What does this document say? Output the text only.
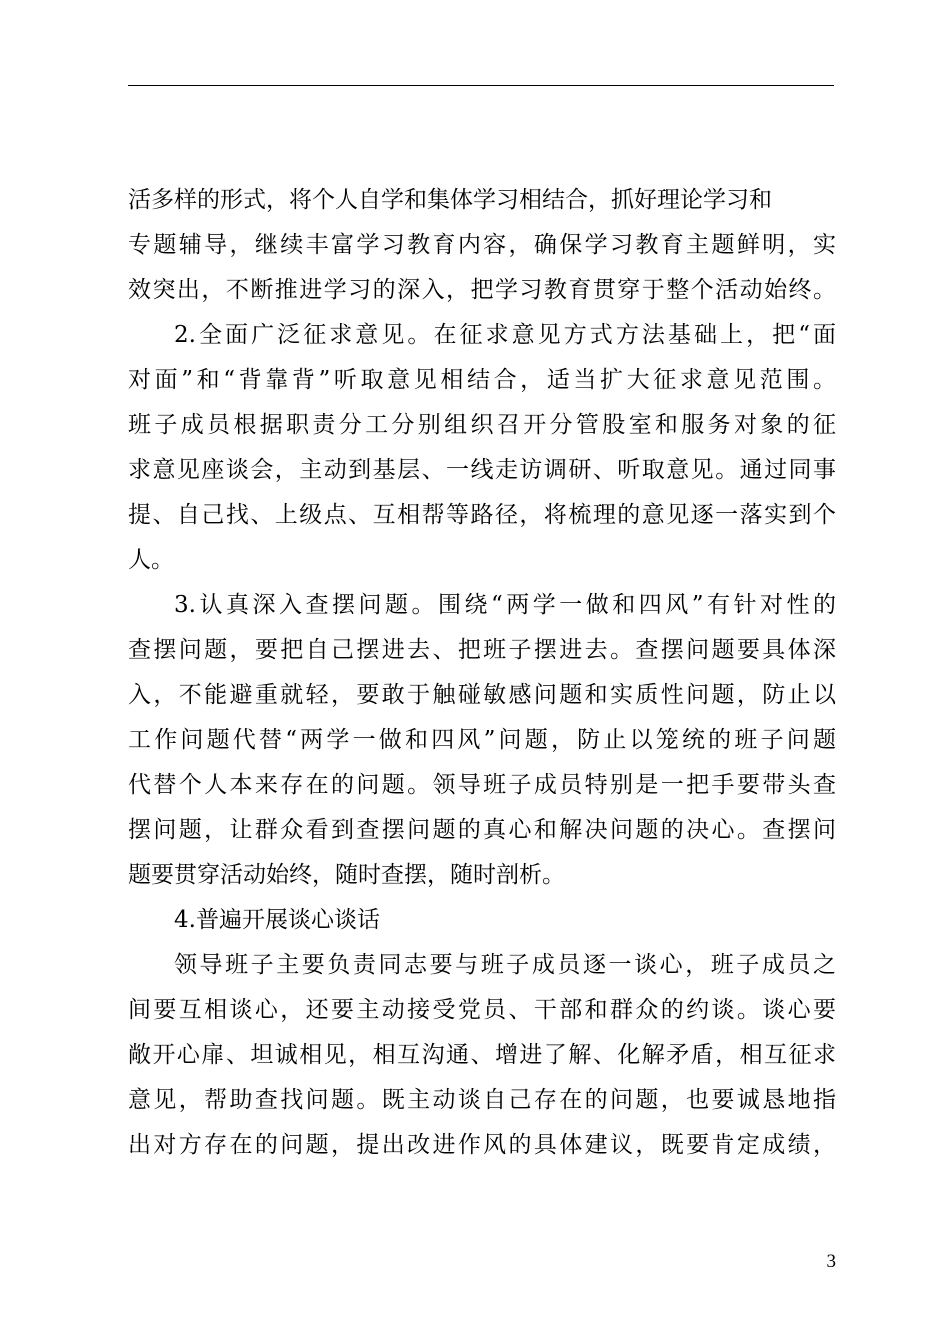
活多样的形式，将个人自学和集体学习相结合，抓好理论学习和
专题辅导，继续丰富学习教育内容，确保学习教育主题鲜明，实
效突出，不断推进学习的深入，把学习教育贯穿于整个活动始终。
2.全面广泛征求意见。在征求意见方式方法基础上，把“面
对面”和“背靠背”听取意见相结合，适当扩大征求意见范围。
班子成员根据职责分工分别组织召开分管股室和服务对象的征
求意见座谈会，主动到基层、一线走访调研、听取意见。通过同事
提、自己找、上级点、互相帮等路径，将梳理的意见逐一落实到个
人。
3.认真深入查摆问题。围绕“两学一做和四风”有针对性的
查摆问题，要把自己摆进去、把班子摆进去。查摆问题要具体深
入，不能避重就轻，要敢于触碰敏感问题和实质性问题，防止以
工作问题代替“两学一做和四风”问题，防止以笼统的班子问题
代替个人本来存在的问题。领导班子成员特别是一把手要带头查
摆问题，让群众看到查摆问题的真心和解决问题的决心。查摆问
题要贯穿活动始终，随时查摆，随时剖析。
4.普遍开展谈心谈话
领导班子主要负责同志要与班子成员逐一谈心，班子成员之
间要互相谈心，还要主动接受党员、干部和群众的约谈。谈心要
敞开心扉、坦诚相见，相互沟通、增进了解、化解矛盾，相互征求
意见，帮助查找问题。既主动谈自己存在的问题，也要诚恳地指
出对方存在的问题，提出改进作风的具体建议，既要肯定成绩，
3
